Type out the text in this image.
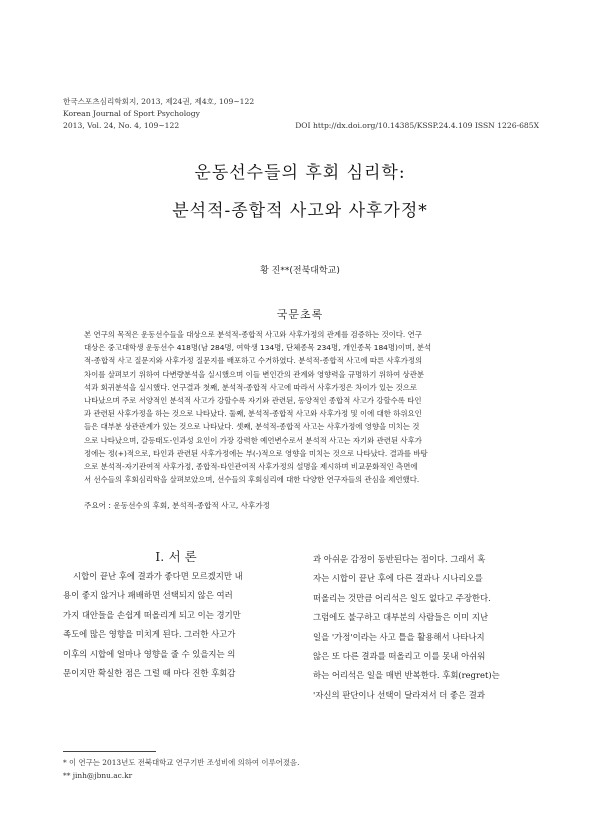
한국스포츠심리학회지, 2013, 제24권, 제4호, 109~122
Korean Journal of Sport Psychology
2013, Vol. 24, No. 4, 109~122	DOI http://dx.doi.org/10.14385/KSSP.24.4.109 ISSN 1226-685X
운동선수들의 후회 심리학:
분석적-종합적 사고와 사후가정*
황 진**(전북대학교)
국문초록

본 연구의 목적은 운동선수들을 대상으로 분석적-종합적 사고와 사후가정의 관계를 검증하는 것이다. 연구

대상은 중고대학생 운동선수 418명(남 284명, 여학생 134명, 단체종목 234명, 개인종목 184명)이며, 분석

적-종합적 사고 질문지와 사후가정 질문지를 배포하고 수거하였다. 분석적-종합적 사고에 따른 사후가정의

차이를 살펴보기 위하여 다변량분석을 실시했으며 이들 변인간의 관계와 영향력을 규명하기 위하여 상관분

석과 회귀분석을 실시했다. 연구결과 첫째, 분석적-종합적 사고에 따라서 사후가정은 차이가 있는 것으로

나타났으며 주로 서양적인 분석적 사고가 강할수록 자기와 관련된, 동양적인 종합적 사고가 강할수록 타인

과 관련된 사후가정을 하는 것으로 나타났다. 둘째, 분석적-종합적 사고와 사후가정 및 이에 대한 하위요인

들은 대부분 상관관계가 있는 것으로 나타났다. 셋째, 분석적-종합적 사고는 사후가정에 영향을 미치는 것

으로 나타났으며, 갈등태도-인과성 요인이 가장 강력한 예언변수로서 분석적 사고는 자기와 관련된 사후가

정에는 정(+)적으로, 타인과 관련된 사후가정에는 부(-)적으로 영향을 미치는 것으로 나타났다. 결과를 바탕

으로 분석적-자기관여적 사후가정, 종합적-타인관여적 사후가정의 설명을 제시하며 비교문화적인 측면에

서 선수들의 후회심리학을 살펴보았으며, 선수들의 후회심리에 대한 다양한 연구자들의 관심을 제언했다.

주요어 : 운동선수의 후회, 분석적-종합적 사고, 사후가정
I. 서 론

시합이 끝난 후에 결과가 좋다면 모르겠지만 내

용이 좋지 않거나 패배하면 선택되지 않은 여러

가지 대안들을 손쉽게 떠올리게 되고 이는 경기만

족도에 많은 영향을 미치게 된다. 그러한 사고가

이후의 시합에 얼마나 영향을 줄 수 있을지는 의

문이지만 확실한 점은 그럴 때 마다 진한 후회감

과 아쉬운 감정이 동반된다는 점이다. 그래서 혹

자는 시합이 끝난 후에 다른 결과나 시나리오를

떠올리는 것만큼 어리석은 일도 없다고 주장한다.

그럼에도 불구하고 대부분의 사람들은 이미 지난

일을 '가정'이라는 사고 틀을 활용해서 나타나지

않은 또 다른 결과를 떠올리고 이를 못내 아쉬워

하는 어리석은 일을 매번 반복한다. 후회(regret)는

'자신의 판단이나 선택이 달라져서 더 좋은 결과

* 이 연구는 2013년도 전북대학교 연구기반 조성비에 의하여 이루어졌음.
** jinh@jbnu.ac.kr
